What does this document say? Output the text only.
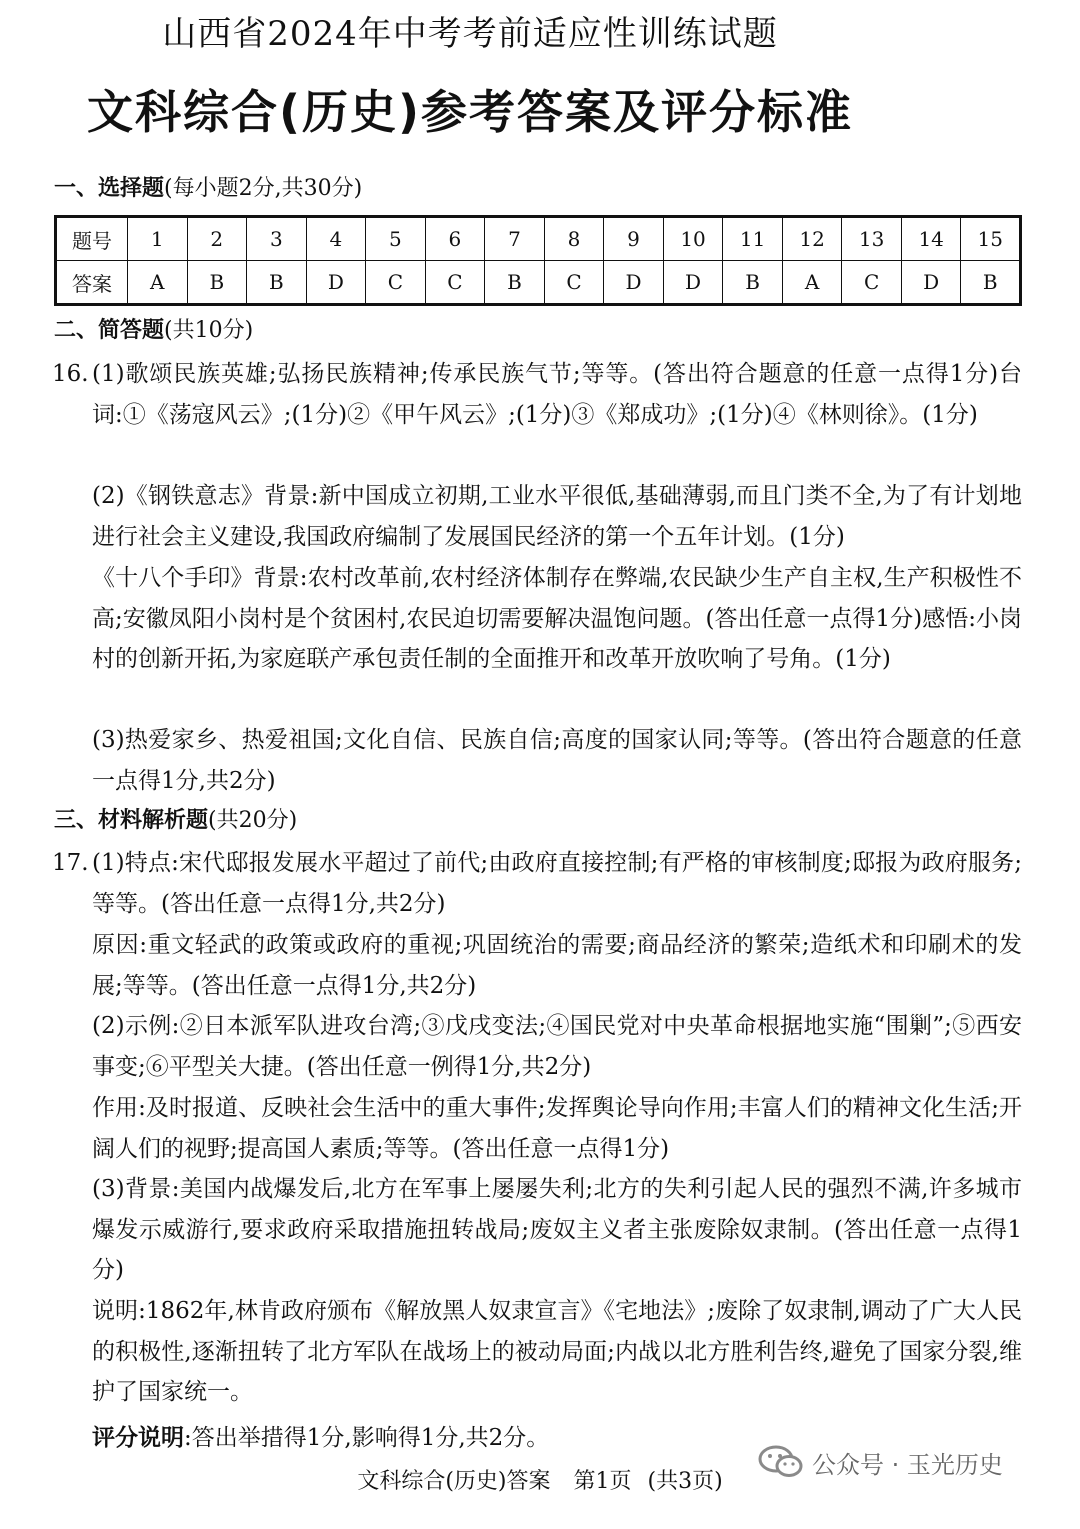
山西省2024年中考考前适应性训练试题
文科综合(历史)参考答案及评分标准
一、选择题(每小题2分,共30分)
题号	1	2	3	4	5	6	7	8	9	10	11	12	13	14	15
答案	A	B	B	D	C	C	B	C	D	D	B	A	C	D	B
二、简答题(共10分)
16. (1)歌颂民族英雄;弘扬民族精神;传承民族气节;等等。(答出符合题意的任意一点得1分)台词:①《荡寇风云》;(1分)②《甲午风云》;(1分)③《郑成功》;(1分)④《林则徐》。(1分)
(2)《钢铁意志》背景:新中国成立初期,工业水平很低,基础薄弱,而且门类不全,为了有计划地进行社会主义建设,我国政府编制了发展国民经济的第一个五年计划。(1分)
《十八个手印》背景:农村改革前,农村经济体制存在弊端,农民缺少生产自主权,生产积极性不高;安徽凤阳小岗村是个贫困村,农民迫切需要解决温饱问题。(答出任意一点得1分)感悟:小岗村的创新开拓,为家庭联产承包责任制的全面推开和改革开放吹响了号角。(1分)
(3)热爱家乡、热爱祖国;文化自信、民族自信;高度的国家认同;等等。(答出符合题意的任意一点得1分,共2分)
三、材料解析题(共20分)
17. (1)特点:宋代邸报发展水平超过了前代;由政府直接控制;有严格的审核制度;邸报为政府服务;等等。(答出任意一点得1分,共2分)
原因:重文轻武的政策或政府的重视;巩固统治的需要;商品经济的繁荣;造纸术和印刷术的发展;等等。(答出任意一点得1分,共2分)
(2)示例:②日本派军队进攻台湾;③戊戌变法;④国民党对中央革命根据地实施“围剿”;⑤西安事变;⑥平型关大捷。(答出任意一例得1分,共2分)
作用:及时报道、反映社会生活中的重大事件;发挥舆论导向作用;丰富人们的精神文化生活;开阔人们的视野;提高国人素质;等等。(答出任意一点得1分)
(3)背景:美国内战爆发后,北方在军事上屡屡失利;北方的失利引起人民的强烈不满,许多城市爆发示威游行,要求政府采取措施扭转战局;废奴主义者主张废除奴隶制。(答出任意一点得1分)
说明:1862年,林肯政府颁布《解放黑人奴隶宣言》《宅地法》;废除了奴隶制,调动了广大人民的积极性,逐渐扭转了北方军队在战场上的被动局面;内战以北方胜利告终,避免了国家分裂,维护了国家统一。
评分说明:答出举措得1分,影响得1分,共2分。
文科综合(历史)答案 第1页 (共3页)
公众号 · 玉光历史
